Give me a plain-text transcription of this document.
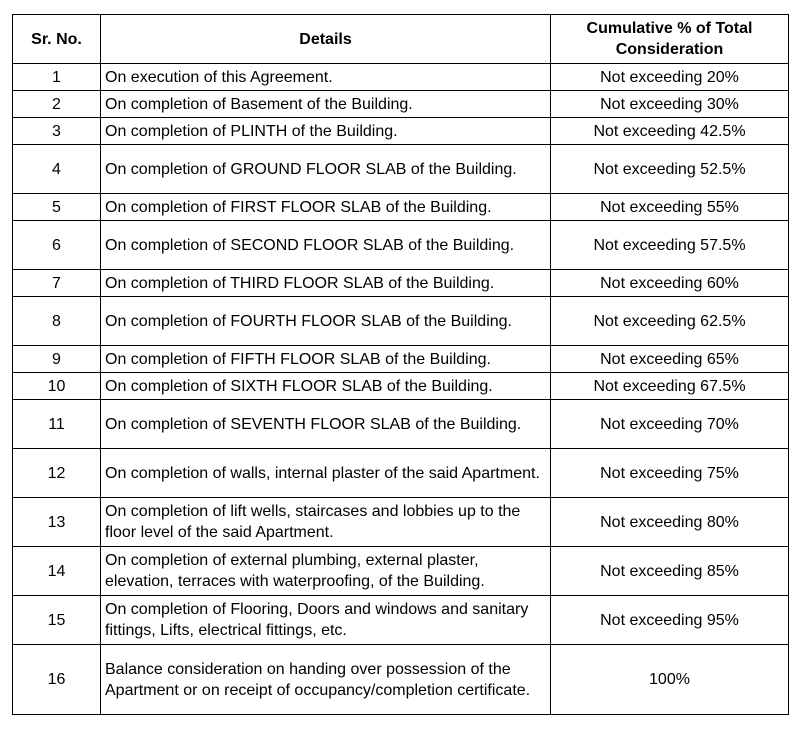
Sr. No.	Details	Cumulative % of Total
Consideration
1	On execution of this Agreement.	Not exceeding 20%
2	On completion of Basement of the Building.	Not exceeding 30%
3	On completion of PLINTH of the Building.	Not exceeding 42.5%
4	On completion of GROUND FLOOR SLAB of the Building.	Not exceeding 52.5%
5	On completion of FIRST FLOOR SLAB of the Building.	Not exceeding 55%
6	On completion of SECOND FLOOR SLAB of the Building.	Not exceeding 57.5%
7	On completion of THIRD FLOOR SLAB of the Building.	Not exceeding 60%
8	On completion of FOURTH FLOOR SLAB of the Building.	Not exceeding 62.5%
9	On completion of FIFTH FLOOR SLAB of the Building.	Not exceeding 65%
10	On completion of SIXTH FLOOR SLAB of the Building.	Not exceeding 67.5%
11	On completion of SEVENTH FLOOR SLAB of the Building.	Not exceeding 70%
12	On completion of walls, internal plaster of the said Apartment.	Not exceeding 75%
13	On completion of lift wells, staircases and lobbies up to the floor level of the said Apartment.	Not exceeding 80%
14	On completion of external plumbing, external plaster, elevation, terraces with waterproofing, of the Building.	Not exceeding 85%
15	On completion of Flooring, Doors and windows and sanitary fittings, Lifts, electrical fittings, etc.	Not exceeding 95%
16	Balance consideration on handing over possession of the Apartment or on receipt of occupancy/completion certificate.	100%
